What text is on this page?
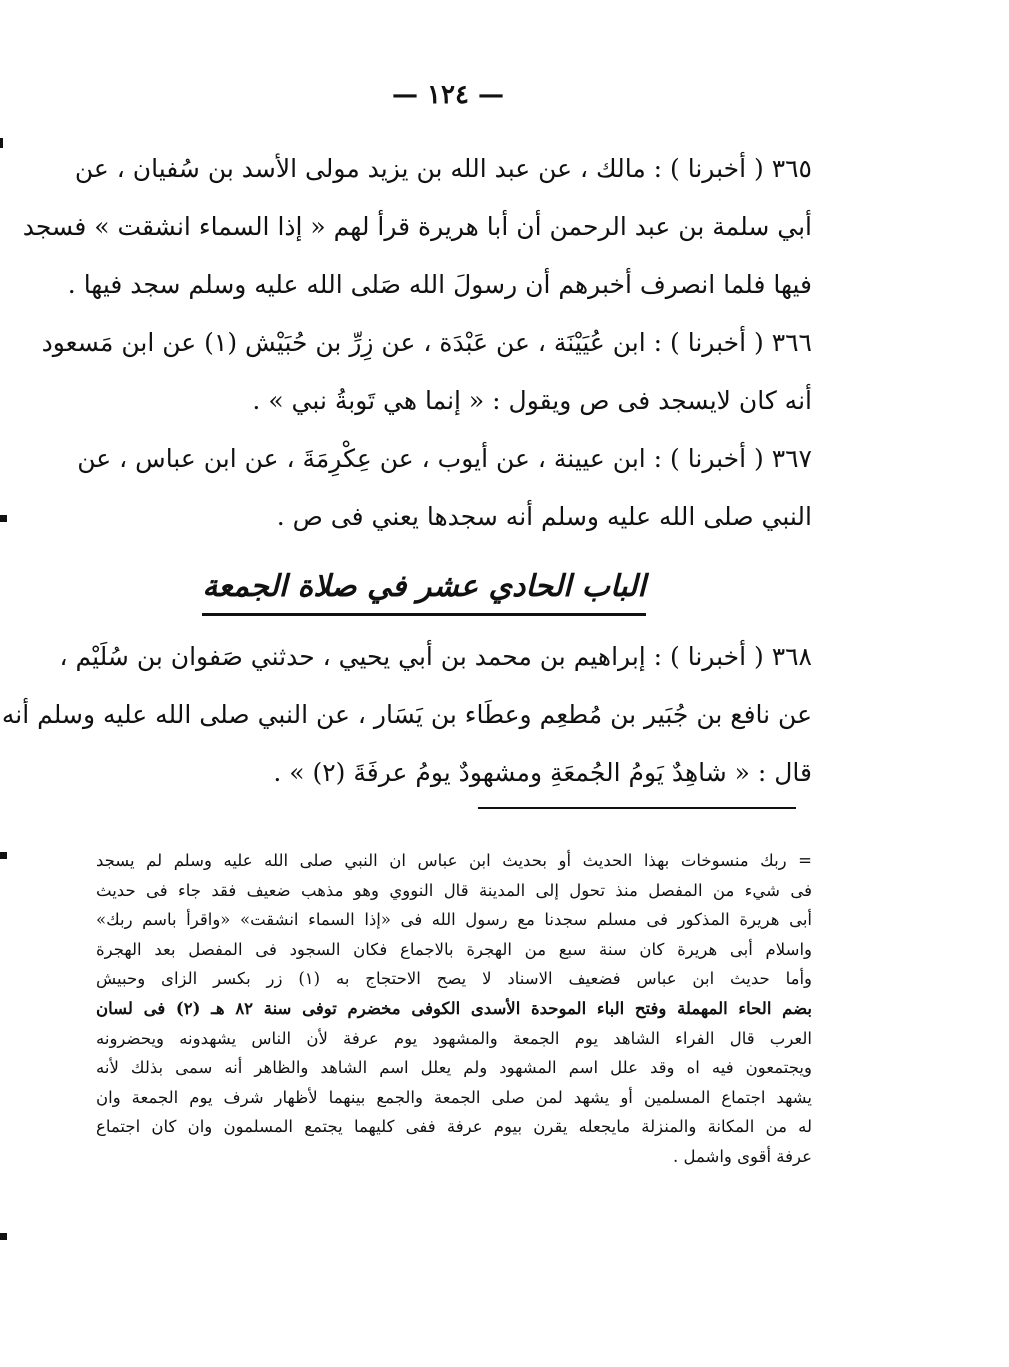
— ١٢٤ —
٣٦٥ ( أخبرنا ) : مالك ، عن عبد الله بن يزيد مولى الأسد بن سُفيان ، عن
أبي سلمة بن عبد الرحمن أن أبا هريرة قرأ لهم « إذا السماء انشقت » فسجد
فيها فلما انصرف أخبرهم أن رسولَ الله صَلى الله عليه وسلم سجد فيها .
٣٦٦ ( أخبرنا ) : ابن عُيَيْنَة ، عن عَبْدَة ، عن زِرِّ بن حُبَيْش (١) عن ابن مَسعود
أنه كان لايسجد فى ص ويقول : « إنما هي تَوبةُ نبي » .
٣٦٧ ( أخبرنا ) : ابن عيينة ، عن أيوب ، عن عِكْرِمَةَ ، عن ابن عباس ، عن
النبي صلى الله عليه وسلم أنه سجدها يعني فى ص .
الباب الحادي عشر في صلاة الجمعة
٣٦٨ ( أخبرنا ) : إبراهيم بن محمد بن أبي يحيي ، حدثني صَفوان بن سُلَيْم ،
عن نافع بن جُبَير بن مُطعِم وعطَاء بن يَسَار ، عن النبي صلى الله عليه وسلم أنه
قال : « شاهِدٌ يَومُ الجُمعَةِ ومشهودٌ يومُ عرفَةَ (٢) » .
= ربك منسوخات بهذا الحديث أو بحديث ابن عباس ان النبي صلى الله عليه وسلم لم يسجد
فى شيء من المفصل منذ تحول إلى المدينة قال النووي وهو مذهب ضعيف فقد جاء فى حديث
أبى هريرة المذكور فى مسلم سجدنا مع رسول الله فى «إذا السماء انشقت» «واقرأ باسم ربك»
واسلام أبى هريرة كان سنة سبع من الهجرة بالاجماع فكان السجود فى المفصل بعد الهجرة
وأما حديث ابن عباس فضعيف الاسناد لا يصح الاحتجاج به (١) زر بكسر الزاى وحبيش
بضم الحاء المهملة وفتح الباء الموحدة الأسدى الكوفى مخضرم توفى سنة ٨٢ هـ (٢) فى لسان
العرب قال الفراء الشاهد يوم الجمعة والمشهود يوم عرفة لأن الناس يشهدونه ويحضرونه
ويجتمعون فيه اه وقد علل اسم المشهود ولم يعلل اسم الشاهد والظاهر أنه سمى بذلك لأنه
يشهد اجتماع المسلمين أو يشهد لمن صلى الجمعة والجمع بينهما لأظهار شرف يوم الجمعة وان
له من المكانة والمنزلة مايجعله يقرن بيوم عرفة ففى كليهما يجتمع المسلمون وان كان اجتماع
عرفة أقوى واشمل .
